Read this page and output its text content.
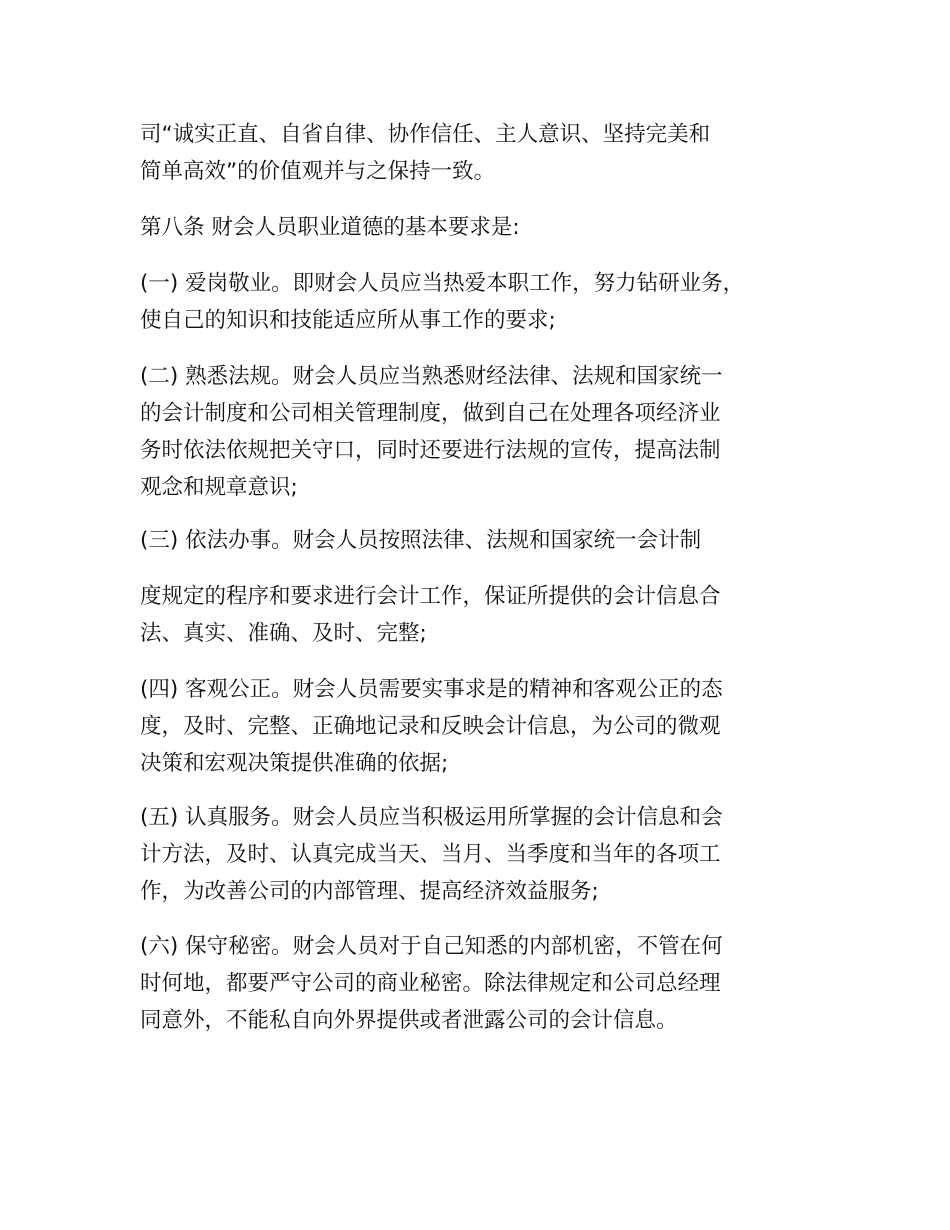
司“诚实正直、自省自律、协作信任、主人意识、坚持完美和
简单高效”的价值观并与之保持一致。
第八条 财会人员职业道德的基本要求是:
(一) 爱岗敬业。即财会人员应当热爱本职工作，努力钻研业务，
使自己的知识和技能适应所从事工作的要求;
(二) 熟悉法规。财会人员应当熟悉财经法律、法规和国家统一
的会计制度和公司相关管理制度，做到自己在处理各项经济业
务时依法依规把关守口，同时还要进行法规的宣传，提高法制
观念和规章意识;
(三) 依法办事。财会人员按照法律、法规和国家统一会计制
度规定的程序和要求进行会计工作，保证所提供的会计信息合
法、真实、准确、及时、完整;
(四) 客观公正。财会人员需要实事求是的精神和客观公正的态
度，及时、完整、正确地记录和反映会计信息，为公司的微观
决策和宏观决策提供准确的依据;
(五) 认真服务。财会人员应当积极运用所掌握的会计信息和会
计方法，及时、认真完成当天、当月、当季度和当年的各项工
作，为改善公司的内部管理、提高经济效益服务;
(六) 保守秘密。财会人员对于自己知悉的内部机密，不管在何
时何地，都要严守公司的商业秘密。除法律规定和公司总经理
同意外，不能私自向外界提供或者泄露公司的会计信息。
